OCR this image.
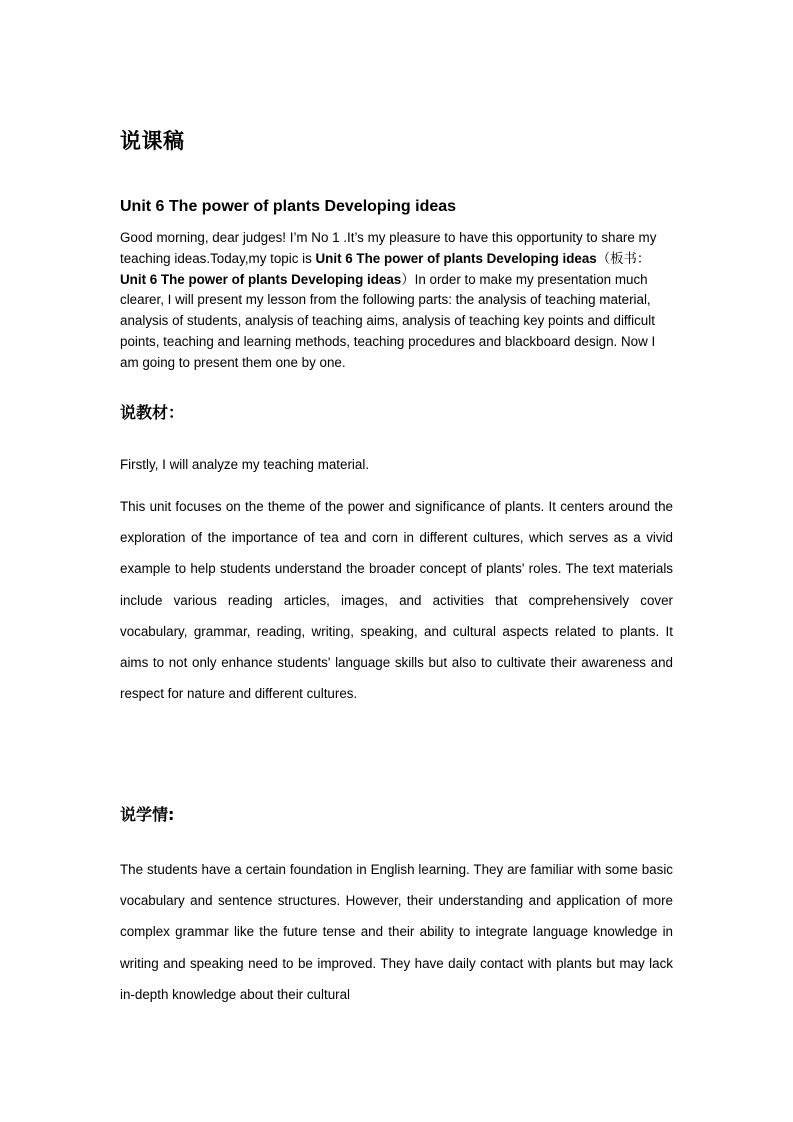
说课稿
Unit 6 The power of plants Developing ideas

Good morning, dear judges! I’m No 1 .It’s my pleasure to have this opportunity to share my teaching ideas.Today,my topic is Unit 6 The power of plants Developing ideas（板书：Unit 6 The power of plants Developing ideas）In order to make my presentation much clearer, I will present my lesson from the following parts: the analysis of teaching material, analysis of students, analysis of teaching aims, analysis of teaching key points and difficult points, teaching and learning methods, teaching procedures and blackboard design. Now I am going to present them one by one.

说教材：

Firstly, I will analyze my teaching material.

This unit focuses on the theme of the power and significance of plants. It centers around the exploration of the importance of tea and corn in different cultures, which serves as a vivid example to help students understand the broader concept of plants' roles. The text materials include various reading articles, images, and activities that comprehensively cover vocabulary, grammar, reading, writing, speaking, and cultural aspects related to plants. It aims to not only enhance students' language skills but also to cultivate their awareness and respect for nature and different cultures.

说学情:

The students have a certain foundation in English learning. They are familiar with some basic vocabulary and sentence structures. However, their understanding and application of more complex grammar like the future tense and their ability to integrate language knowledge in writing and speaking need to be improved. They have daily contact with plants but may lack in-depth knowledge about their cultural
